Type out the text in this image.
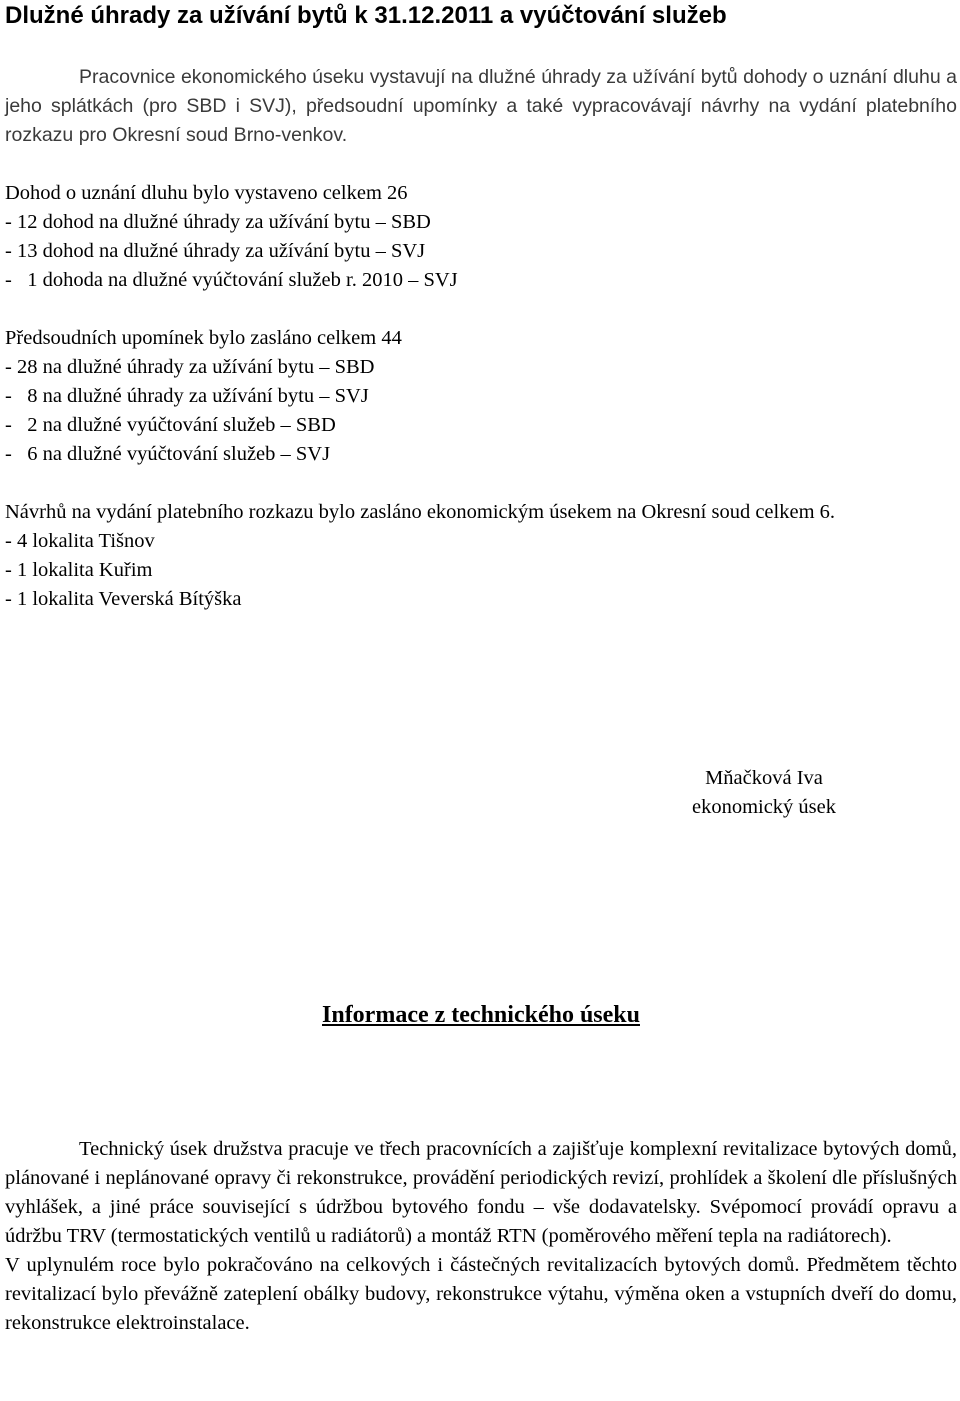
Dlužné úhrady za užívání bytů k 31.12.2011 a vyúčtování služeb

Pracovnice ekonomického úseku vystavují na dlužné úhrady za užívání bytů dohody o uznání dluhu a jeho splátkách (pro SBD i SVJ), předsoudní upomínky a také vypracovávají návrhy na vydání platebního rozkazu pro Okresní soud Brno-venkov.

Dohod o uznání dluhu bylo vystaveno celkem 26

- 12 dohod na dlužné úhrady za užívání bytu – SBD
- 13 dohod na dlužné úhrady za užívání bytu – SVJ
-   1 dohoda na dlužné vyúčtování služeb r. 2010 – SVJ

Předsoudních upomínek bylo zasláno celkem 44

- 28 na dlužné úhrady za užívání bytu – SBD
-   8 na dlužné úhrady za užívání bytu – SVJ
-   2 na dlužné vyúčtování služeb – SBD
-   6 na dlužné vyúčtování služeb – SVJ

Návrhů na vydání platebního rozkazu bylo zasláno ekonomickým úsekem na Okresní soud celkem 6.

- 4 lokalita Tišnov
- 1 lokalita Kuřim
- 1 lokalita Veverská Bítýška
Mňačková Iva
ekonomický úsek
Informace z technického úseku

Technický úsek družstva pracuje ve třech pracovnících a zajišťuje komplexní revitalizace bytových domů, plánované i neplánované opravy či rekonstrukce, provádění periodických revizí, prohlídek a školení dle příslušných vyhlášek, a jiné práce související s údržbou bytového fondu – vše dodavatelsky. Svépomocí provádí opravu a údržbu TRV (termostatických ventilů u radiátorů) a montáž RTN (poměrového měření tepla na radiátorech).

V uplynulém roce bylo pokračováno na celkových i částečných revitalizacích bytových domů. Předmětem těchto revitalizací bylo převážně zateplení obálky budovy, rekonstrukce výtahu, výměna oken a vstupních dveří do domu, rekonstrukce elektroinstalace.
